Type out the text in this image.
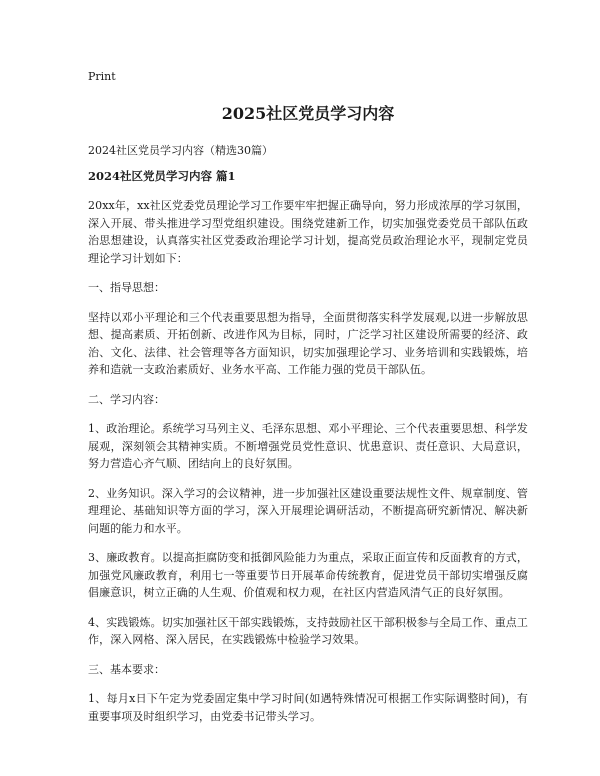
Print
2025社区党员学习内容
2024社区党员学习内容（精选30篇）
2024社区党员学习内容 篇1

20xx年，xx社区党委党员理论学习工作要牢牢把握正确导向，努力形成浓厚的学习氛围，深入开展、带头推进学习型党组织建设。围绕党建新工作，切实加强党委党员干部队伍政治思想建设，认真落实社区党委政治理论学习计划，提高党员政治理论水平，现制定党员理论学习计划如下：

一、指导思想：

坚持以邓小平理论和三个代表重要思想为指导，全面贯彻落实科学发展观,以进一步解放思想、提高素质、开拓创新、改进作风为目标，同时，广泛学习社区建设所需要的经济、政治、文化、法律、社会管理等各方面知识，切实加强理论学习、业务培训和实践锻炼，培养和造就一支政治素质好、业务水平高、工作能力强的党员干部队伍。

二、学习内容：

1、政治理论。系统学习马列主义、毛泽东思想、邓小平理论、三个代表重要思想、科学发展观，深刻领会其精神实质。不断增强党员党性意识、忧患意识、责任意识、大局意识，努力营造心齐气顺、团结向上的良好氛围。

2、业务知识。深入学习的会议精神，进一步加强社区建设重要法规性文件、规章制度、管理理论、基础知识等方面的学习，深入开展理论调研活动，不断提高研究新情况、解决新问题的能力和水平。

3、廉政教育。以提高拒腐防变和抵御风险能力为重点，采取正面宣传和反面教育的方式，加强党风廉政教育，利用七一等重要节日开展革命传统教育，促进党员干部切实增强反腐倡廉意识，树立正确的人生观、价值观和权力观，在社区内营造风清气正的良好氛围。

4、实践锻炼。切实加强社区干部实践锻炼，支持鼓励社区干部积极参与全局工作、重点工作，深入网格、深入居民，在实践锻炼中检验学习效果。

三、基本要求：

1、每月x日下午定为党委固定集中学习时间(如遇特殊情况可根据工作实际调整时间)，有重要事项及时组织学习，由党委书记带头学习。
